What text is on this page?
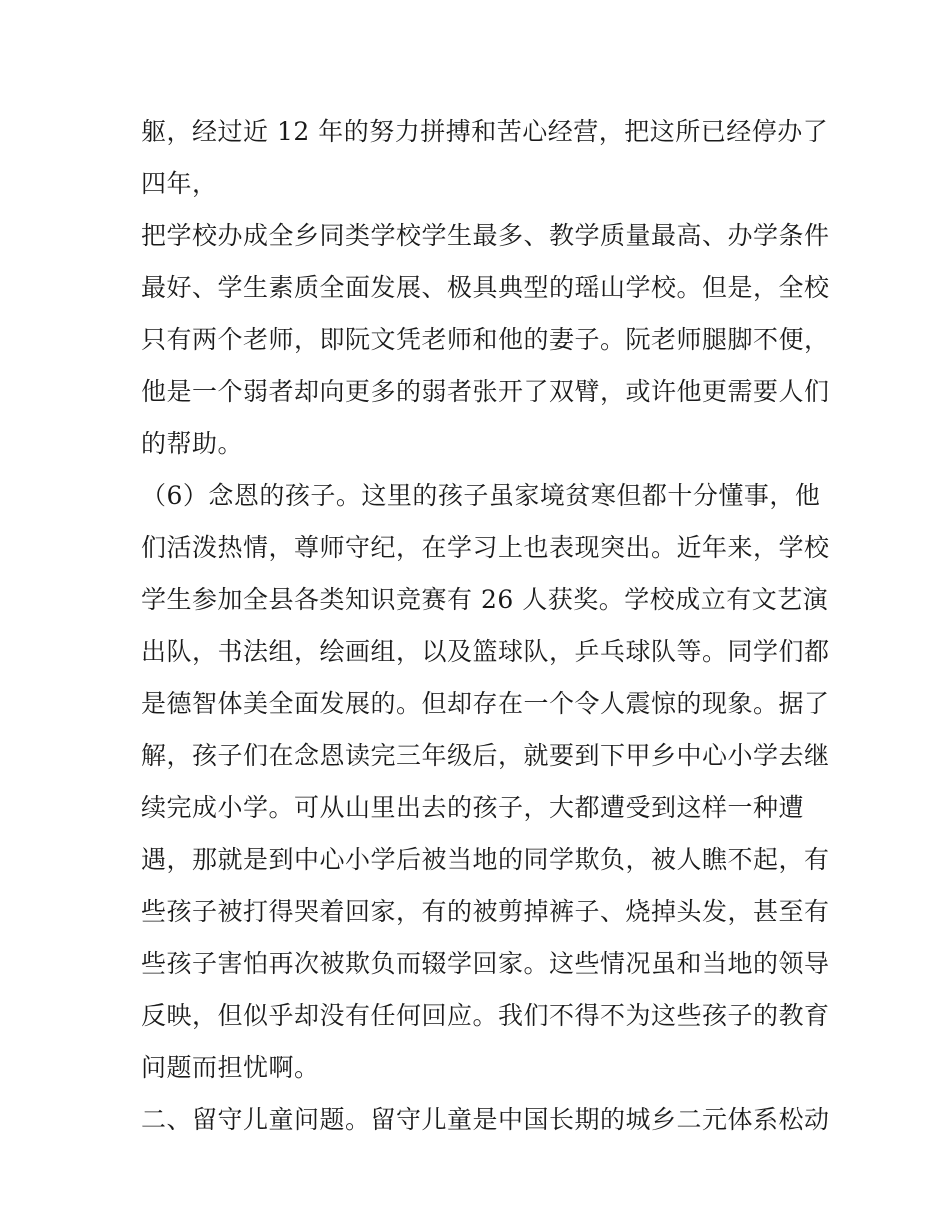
躯，经过近 12 年的努力拼搏和苦心经营，把这所已经停办了
四年，
把学校办成全乡同类学校学生最多、教学质量最高、办学条件
最好、学生素质全面发展、极具典型的瑶山学校。但是，全校
只有两个老师，即阮文凭老师和他的妻子。阮老师腿脚不便，
他是一个弱者却向更多的弱者张开了双臂，或许他更需要人们
的帮助。
（6）念恩的孩子。这里的孩子虽家境贫寒但都十分懂事，他
们活泼热情，尊师守纪，在学习上也表现突出。近年来，学校
学生参加全县各类知识竞赛有 26 人获奖。学校成立有文艺演
出队，书法组，绘画组，以及篮球队，乒乓球队等。同学们都
是德智体美全面发展的。但却存在一个令人震惊的现象。据了
解，孩子们在念恩读完三年级后，就要到下甲乡中心小学去继
续完成小学。可从山里出去的孩子，大都遭受到这样一种遭
遇，那就是到中心小学后被当地的同学欺负，被人瞧不起，有
些孩子被打得哭着回家，有的被剪掉裤子、烧掉头发，甚至有
些孩子害怕再次被欺负而辍学回家。这些情况虽和当地的领导
反映，但似乎却没有任何回应。我们不得不为这些孩子的教育
问题而担忧啊。
二、留守儿童问题。留守儿童是中国长期的城乡二元体系松动
